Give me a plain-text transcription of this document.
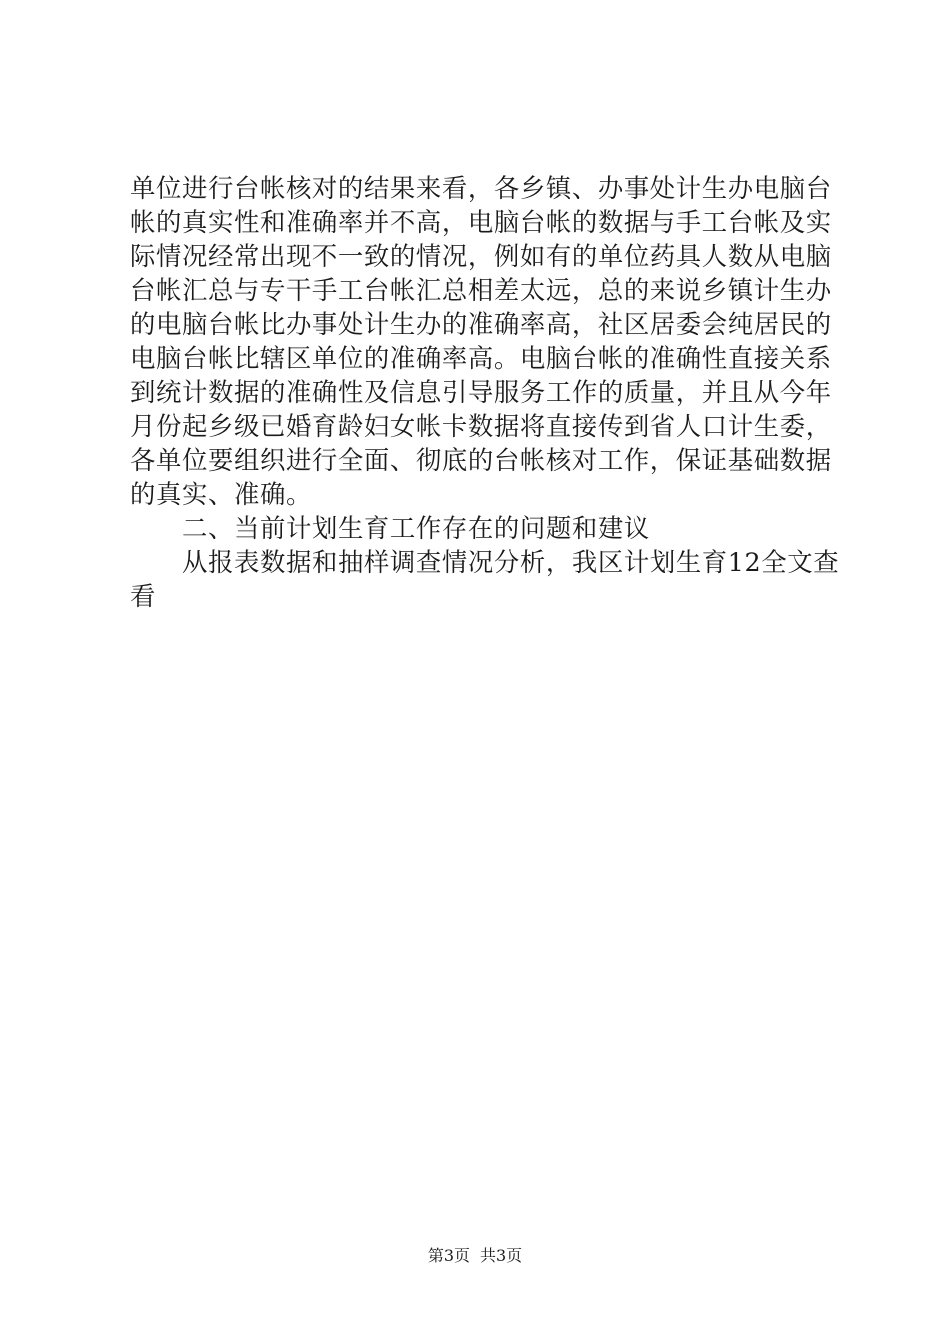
单位进行台帐核对的结果来看，各乡镇、办事处计生办电脑台
帐的真实性和准确率并不高，电脑台帐的数据与手工台帐及实
际情况经常出现不一致的情况，例如有的单位药具人数从电脑
台帐汇总与专干手工台帐汇总相差太远，总的来说乡镇计生办
的电脑台帐比办事处计生办的准确率高，社区居委会纯居民的
电脑台帐比辖区单位的准确率高。电脑台帐的准确性直接关系
到统计数据的准确性及信息引导服务工作的质量，并且从今年
月份起乡级已婚育龄妇女帐卡数据将直接传到省人口计生委，
各单位要组织进行全面、彻底的台帐核对工作，保证基础数据
的真实、准确。
二、当前计划生育工作存在的问题和建议
从报表数据和抽样调查情况分析，我区计划生育12全文查
看
第3页 共3页
